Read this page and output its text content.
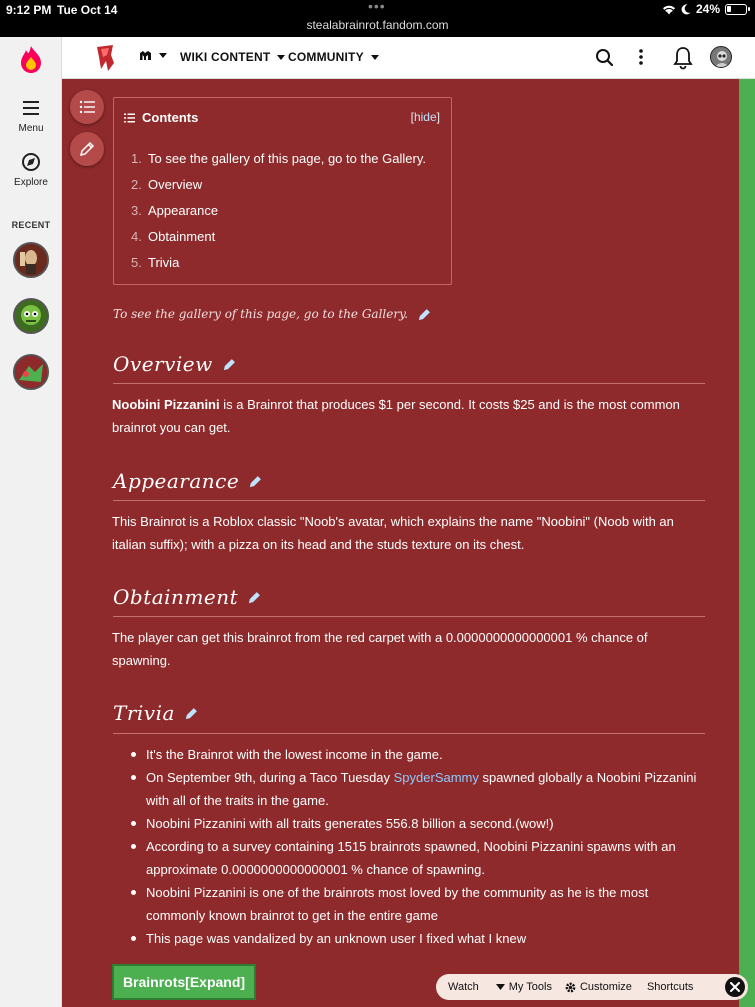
9:12 PM Tue Oct 14	•••
stealabrainrot.fandom.com
24%
Menu
Explore
RECENT
WIKI CONTENT COMMUNITY
Contents	[hide]
1. To see the gallery of this page, go to the Gallery.
2. Overview
3. Appearance
4. Obtainment
5. Trivia
To see the gallery of this page, go to the Gallery.
Overview
Noobini Pizzanini is a Brainrot that produces $1 per second. It costs $25 and is the most common brainrot you can get.
Appearance
This Brainrot is a Roblox classic "Noob's avatar, which explains the name "Noobini" (Noob with an italian suffix); with a pizza on its head and the studs texture on its chest.
Obtainment
The player can get this brainrot from the red carpet with a 0.0000000000000001 % chance of spawning.
Trivia
It's the Brainrot with the lowest income in the game.
On September 9th, during a Taco Tuesday SpyderSammy spawned globally a Noobini Pizzanini with all of the traits in the game.
Noobini Pizzanini with all traits generates 556.8 billion a second.(wow!)
According to a survey containing 1515 brainrots spawned, Noobini Pizzanini spawns with an approximate 0.0000000000000001 % chance of spawning.
Noobini Pizzanini is one of the brainrots most loved by the community as he is the most commonly known brainrot to get in the entire game
This page was vandalized by an unknown user I fixed what I knew
Brainrots[Expand]	Watch	My Tools	Customize Shortcuts
